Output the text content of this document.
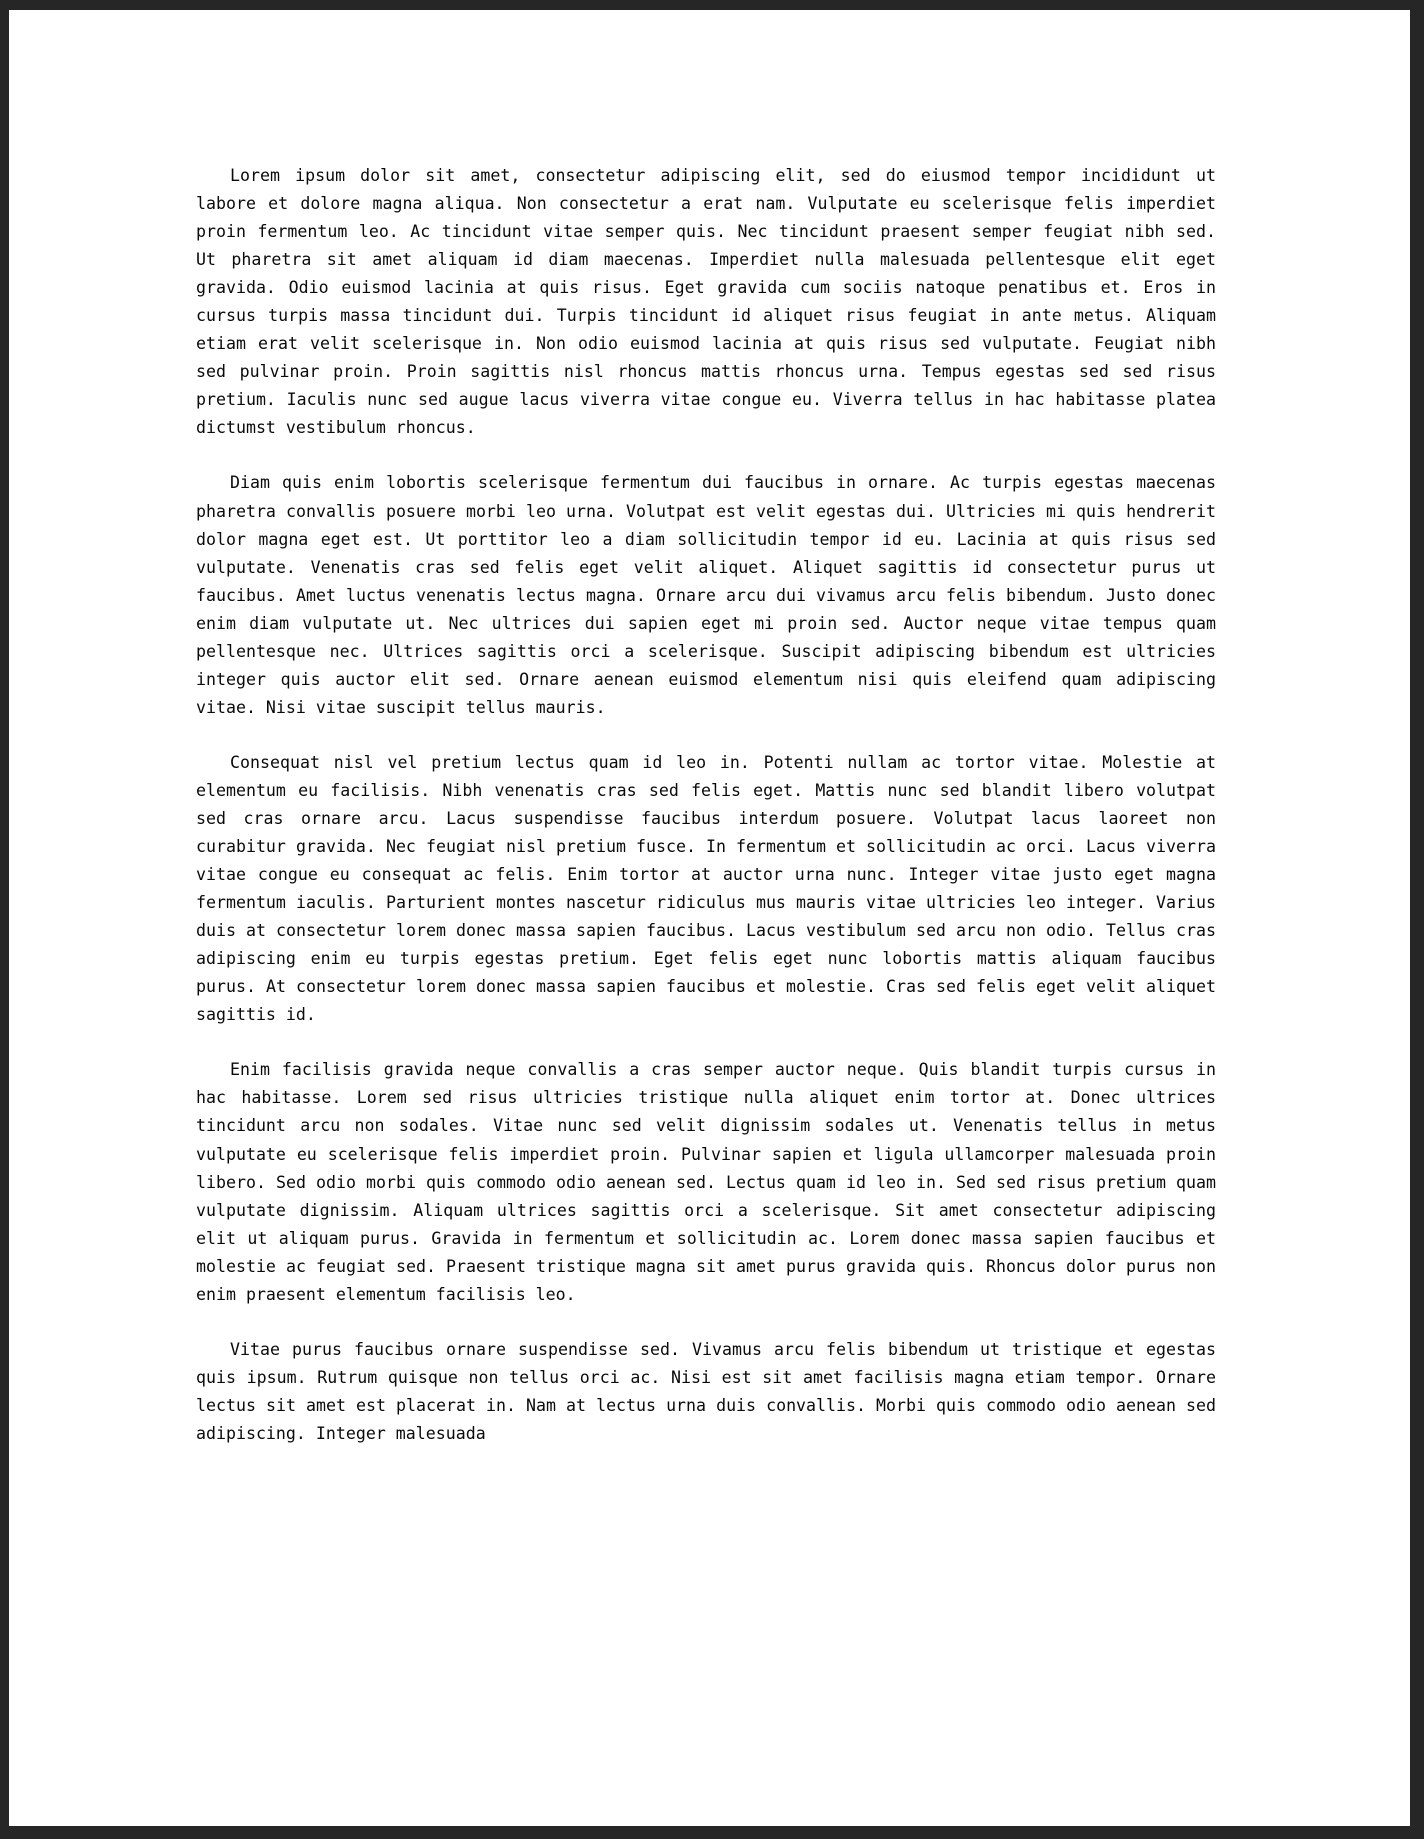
Lorem ipsum dolor sit amet, consectetur adipiscing elit, sed do eiusmod tempor incididunt ut labore et dolore magna aliqua. Non consectetur a erat nam. Vulputate eu scelerisque felis imperdiet proin fermentum leo. Ac tincidunt vitae semper quis. Nec tincidunt praesent semper feugiat nibh sed. Ut pharetra sit amet aliquam id diam maecenas. Imperdiet nulla malesuada pellentesque elit eget gravida. Odio euismod lacinia at quis risus. Eget gravida cum sociis natoque penatibus et. Eros in cursus turpis massa tincidunt dui. Turpis tincidunt id aliquet risus feugiat in ante metus. Aliquam etiam erat velit scelerisque in. Non odio euismod lacinia at quis risus sed vulputate. Feugiat nibh sed pulvinar proin. Proin sagittis nisl rhoncus mattis rhoncus urna. Tempus egestas sed sed risus pretium. Iaculis nunc sed augue lacus viverra vitae congue eu. Viverra tellus in hac habitasse platea dictumst vestibulum rhoncus.

Diam quis enim lobortis scelerisque fermentum dui faucibus in ornare. Ac turpis egestas maecenas pharetra convallis posuere morbi leo urna. Volutpat est velit egestas dui. Ultricies mi quis hendrerit dolor magna eget est. Ut porttitor leo a diam sollicitudin tempor id eu. Lacinia at quis risus sed vulputate. Venenatis cras sed felis eget velit aliquet. Aliquet sagittis id consectetur purus ut faucibus. Amet luctus venenatis lectus magna. Ornare arcu dui vivamus arcu felis bibendum. Justo donec enim diam vulputate ut. Nec ultrices dui sapien eget mi proin sed. Auctor neque vitae tempus quam pellentesque nec. Ultrices sagittis orci a scelerisque. Suscipit adipiscing bibendum est ultricies integer quis auctor elit sed. Ornare aenean euismod elementum nisi quis eleifend quam adipiscing vitae. Nisi vitae suscipit tellus mauris.

Consequat nisl vel pretium lectus quam id leo in. Potenti nullam ac tortor vitae. Molestie at elementum eu facilisis. Nibh venenatis cras sed felis eget. Mattis nunc sed blandit libero volutpat sed cras ornare arcu. Lacus suspendisse faucibus interdum posuere. Volutpat lacus laoreet non curabitur gravida. Nec feugiat nisl pretium fusce. In fermentum et sollicitudin ac orci. Lacus viverra vitae congue eu consequat ac felis. Enim tortor at auctor urna nunc. Integer vitae justo eget magna fermentum iaculis. Parturient montes nascetur ridiculus mus mauris vitae ultricies leo integer. Varius duis at consectetur lorem donec massa sapien faucibus. Lacus vestibulum sed arcu non odio. Tellus cras adipiscing enim eu turpis egestas pretium. Eget felis eget nunc lobortis mattis aliquam faucibus purus. At consectetur lorem donec massa sapien faucibus et molestie. Cras sed felis eget velit aliquet sagittis id.

Enim facilisis gravida neque convallis a cras semper auctor neque. Quis blandit turpis cursus in hac habitasse. Lorem sed risus ultricies tristique nulla aliquet enim tortor at. Donec ultrices tincidunt arcu non sodales. Vitae nunc sed velit dignissim sodales ut. Venenatis tellus in metus vulputate eu scelerisque felis imperdiet proin. Pulvinar sapien et ligula ullamcorper malesuada proin libero. Sed odio morbi quis commodo odio aenean sed. Lectus quam id leo in. Sed sed risus pretium quam vulputate dignissim. Aliquam ultrices sagittis orci a scelerisque. Sit amet consectetur adipiscing elit ut aliquam purus. Gravida in fermentum et sollicitudin ac. Lorem donec massa sapien faucibus et molestie ac feugiat sed. Praesent tristique magna sit amet purus gravida quis. Rhoncus dolor purus non enim praesent elementum facilisis leo.

Vitae purus faucibus ornare suspendisse sed. Vivamus arcu felis bibendum ut tristique et egestas quis ipsum. Rutrum quisque non tellus orci ac. Nisi est sit amet facilisis magna etiam tempor. Ornare lectus sit amet est placerat in. Nam at lectus urna duis convallis. Morbi quis commodo odio aenean sed adipiscing. Integer malesuada
